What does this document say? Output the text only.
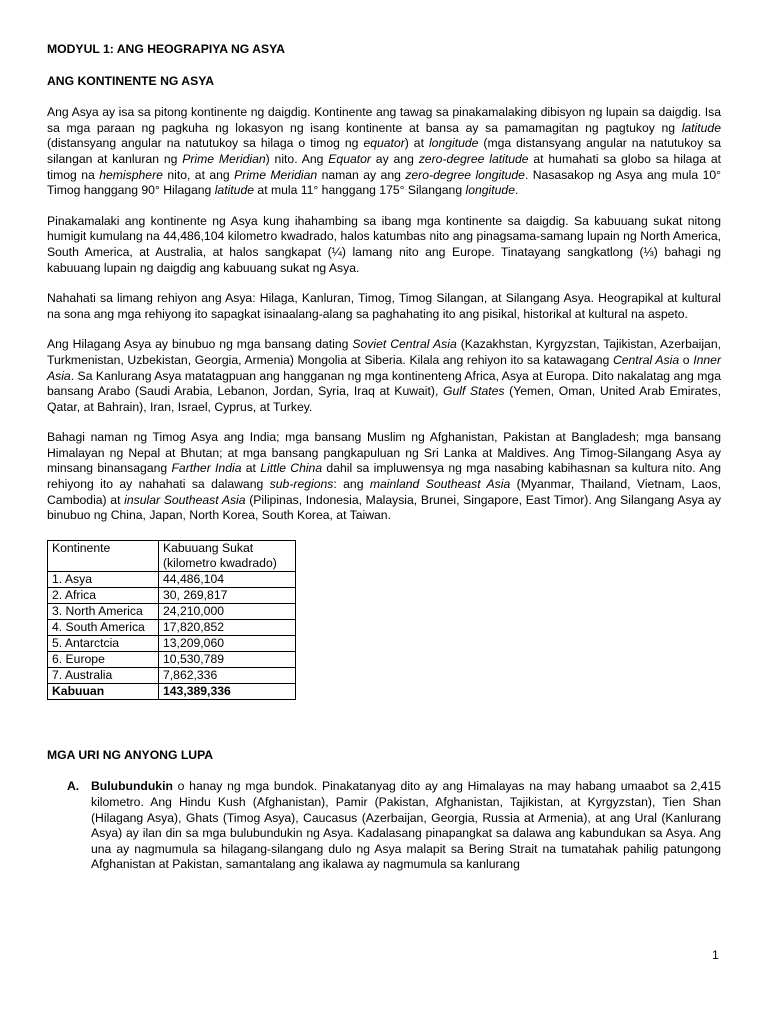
MODYUL 1: ANG HEOGRAPIYA NG ASYA
ANG KONTINENTE NG ASYA

Ang Asya ay isa sa pitong kontinente ng daigdig. Kontinente ang tawag sa pinakamalaking dibisyon ng lupain sa daigdig. Isa sa mga paraan ng pagkuha ng lokasyon ng isang kontinente at bansa ay sa pamamagitan ng pagtukoy ng latitude (distansyang angular na natutukoy sa hilaga o timog ng equator) at longitude (mga distansyang angular na natutukoy sa silangan at kanluran ng Prime Meridian) nito. Ang Equator ay ang zero-degree latitude at humahati sa globo sa hilaga at timog na hemisphere nito, at ang Prime Meridian naman ay ang zero-degree longitude. Nasasakop ng Asya ang mula 10° Timog hanggang 90° Hilagang latitude at mula 11° hanggang 175° Silangang longitude.

Pinakamalaki ang kontinente ng Asya kung ihahambing sa ibang mga kontinente sa daigdig. Sa kabuuang sukat nitong humigit kumulang na 44,486,104 kilometro kwadrado, halos katumbas nito ang pinagsama-samang lupain ng North America, South America, at Australia, at halos sangkapat (¼) lamang nito ang Europe. Tinatayang sangkatlong (⅓) bahagi ng kabuuang lupain ng daigdig ang kabuuang sukat ng Asya.

Nahahati sa limang rehiyon ang Asya: Hilaga, Kanluran, Timog, Timog Silangan, at Silangang Asya. Heograpikal at kultural na sona ang mga rehiyong ito sapagkat isinaalang-alang sa paghahating ito ang pisikal, historikal at kultural na aspeto.

Ang Hilagang Asya ay binubuo ng mga bansang dating Soviet Central Asia (Kazakhstan, Kyrgyzstan, Tajikistan, Azerbaijan, Turkmenistan, Uzbekistan, Georgia, Armenia) Mongolia at Siberia. Kilala ang rehiyon ito sa katawagang Central Asia o Inner Asia. Sa Kanlurang Asya matatagpuan ang hangganan ng mga kontinenteng Africa, Asya at Europa. Dito nakalatag ang mga bansang Arabo (Saudi Arabia, Lebanon, Jordan, Syria, Iraq at Kuwait), Gulf States (Yemen, Oman, United Arab Emirates, Qatar, at Bahrain), Iran, Israel, Cyprus, at Turkey.

Bahagi naman ng Timog Asya ang India; mga bansang Muslim ng Afghanistan, Pakistan at Bangladesh; mga bansang Himalayan ng Nepal at Bhutan; at mga bansang pangkapuluan ng Sri Lanka at Maldives. Ang Timog-Silangang Asya ay minsang binansagang Farther India at Little China dahil sa impluwensya ng mga nasabing kabihasnan sa kultura nito. Ang rehiyong ito ay nahahati sa dalawang sub-regions: ang mainland Southeast Asia (Myanmar, Thailand, Vietnam, Laos, Cambodia) at insular Southeast Asia (Pilipinas, Indonesia, Malaysia, Brunei, Singapore, East Timor). Ang Silangang Asya ay binubuo ng China, Japan, North Korea, South Korea, at Taiwan.

Kontinente	Kabuuang Sukat (kilometro kwadrado)
1. Asya	44,486,104
2. Africa	30, 269,817
3. North America	24,210,000
4. South America	17,820,852
5. Antarctcia	13,209,060
6. Europe	10,530,789
7. Australia	7,862,336
Kabuuan	143,389,336
MGA URI NG ANYONG LUPA
A. Bulubundukin o hanay ng mga bundok. Pinakatanyag dito ay ang Himalayas na may habang umaabot sa 2,415 kilometro. Ang Hindu Kush (Afghanistan), Pamir (Pakistan, Afghanistan, Tajikistan, at Kyrgyzstan), Tien Shan (Hilagang Asya), Ghats (Timog Asya), Caucasus (Azerbaijan, Georgia, Russia at Armenia), at ang Ural (Kanlurang Asya) ay ilan din sa mga bulubundukin ng Asya. Kadalasang pinapangkat sa dalawa ang kabundukan sa Asya. Ang una ay nagmumula sa hilagang-silangang dulo ng Asya malapit sa Bering Strait na tumatahak pahilig patungong Afghanistan at Pakistan, samantalang ang ikalawa ay nagmumula sa kanlurang

1
